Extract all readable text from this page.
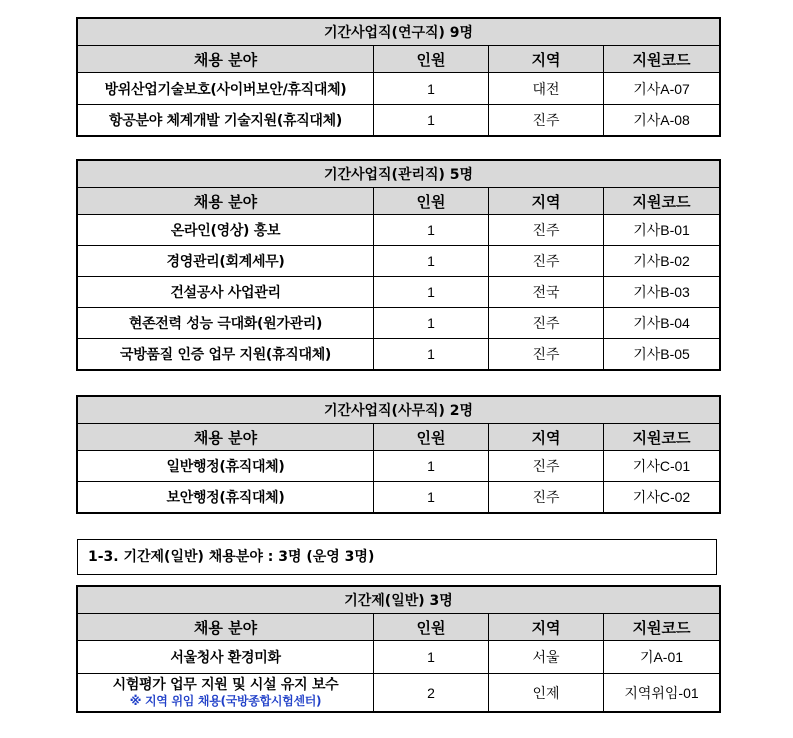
기간사업직(연구직) 9명			
채용 분야	인원	지역	지원코드
방위산업기술보호(사이버보안/휴직대체)	1	대전	기사A-07
항공분야 체계개발 기술지원(휴직대체)	1	진주	기사A-08
기간사업직(관리직) 5명			
채용 분야	인원	지역	지원코드
온라인(영상) 홍보	1	진주	기사B-01
경영관리(회계세무)	1	진주	기사B-02
건설공사 사업관리	1	전국	기사B-03
현존전력 성능 극대화(원가관리)	1	진주	기사B-04
국방품질 인증 업무 지원(휴직대체)	1	진주	기사B-05
기간사업직(사무직) 2명			
채용 분야	인원	지역	지원코드
일반행정(휴직대체)	1	진주	기사C-01
보안행정(휴직대체)	1	진주	기사C-02
1-3. 기간제(일반) 채용분야 : 3명 (운영 3명)
기간제(일반) 3명			
채용 분야	인원	지역	지원코드
서울청사 환경미화	1	서울	기A-01

시험평가 업무 지원 및 시설 유지 보수
※ 지역 위임 채용(국방종합시험센터)	2	인제	지역위임-01
